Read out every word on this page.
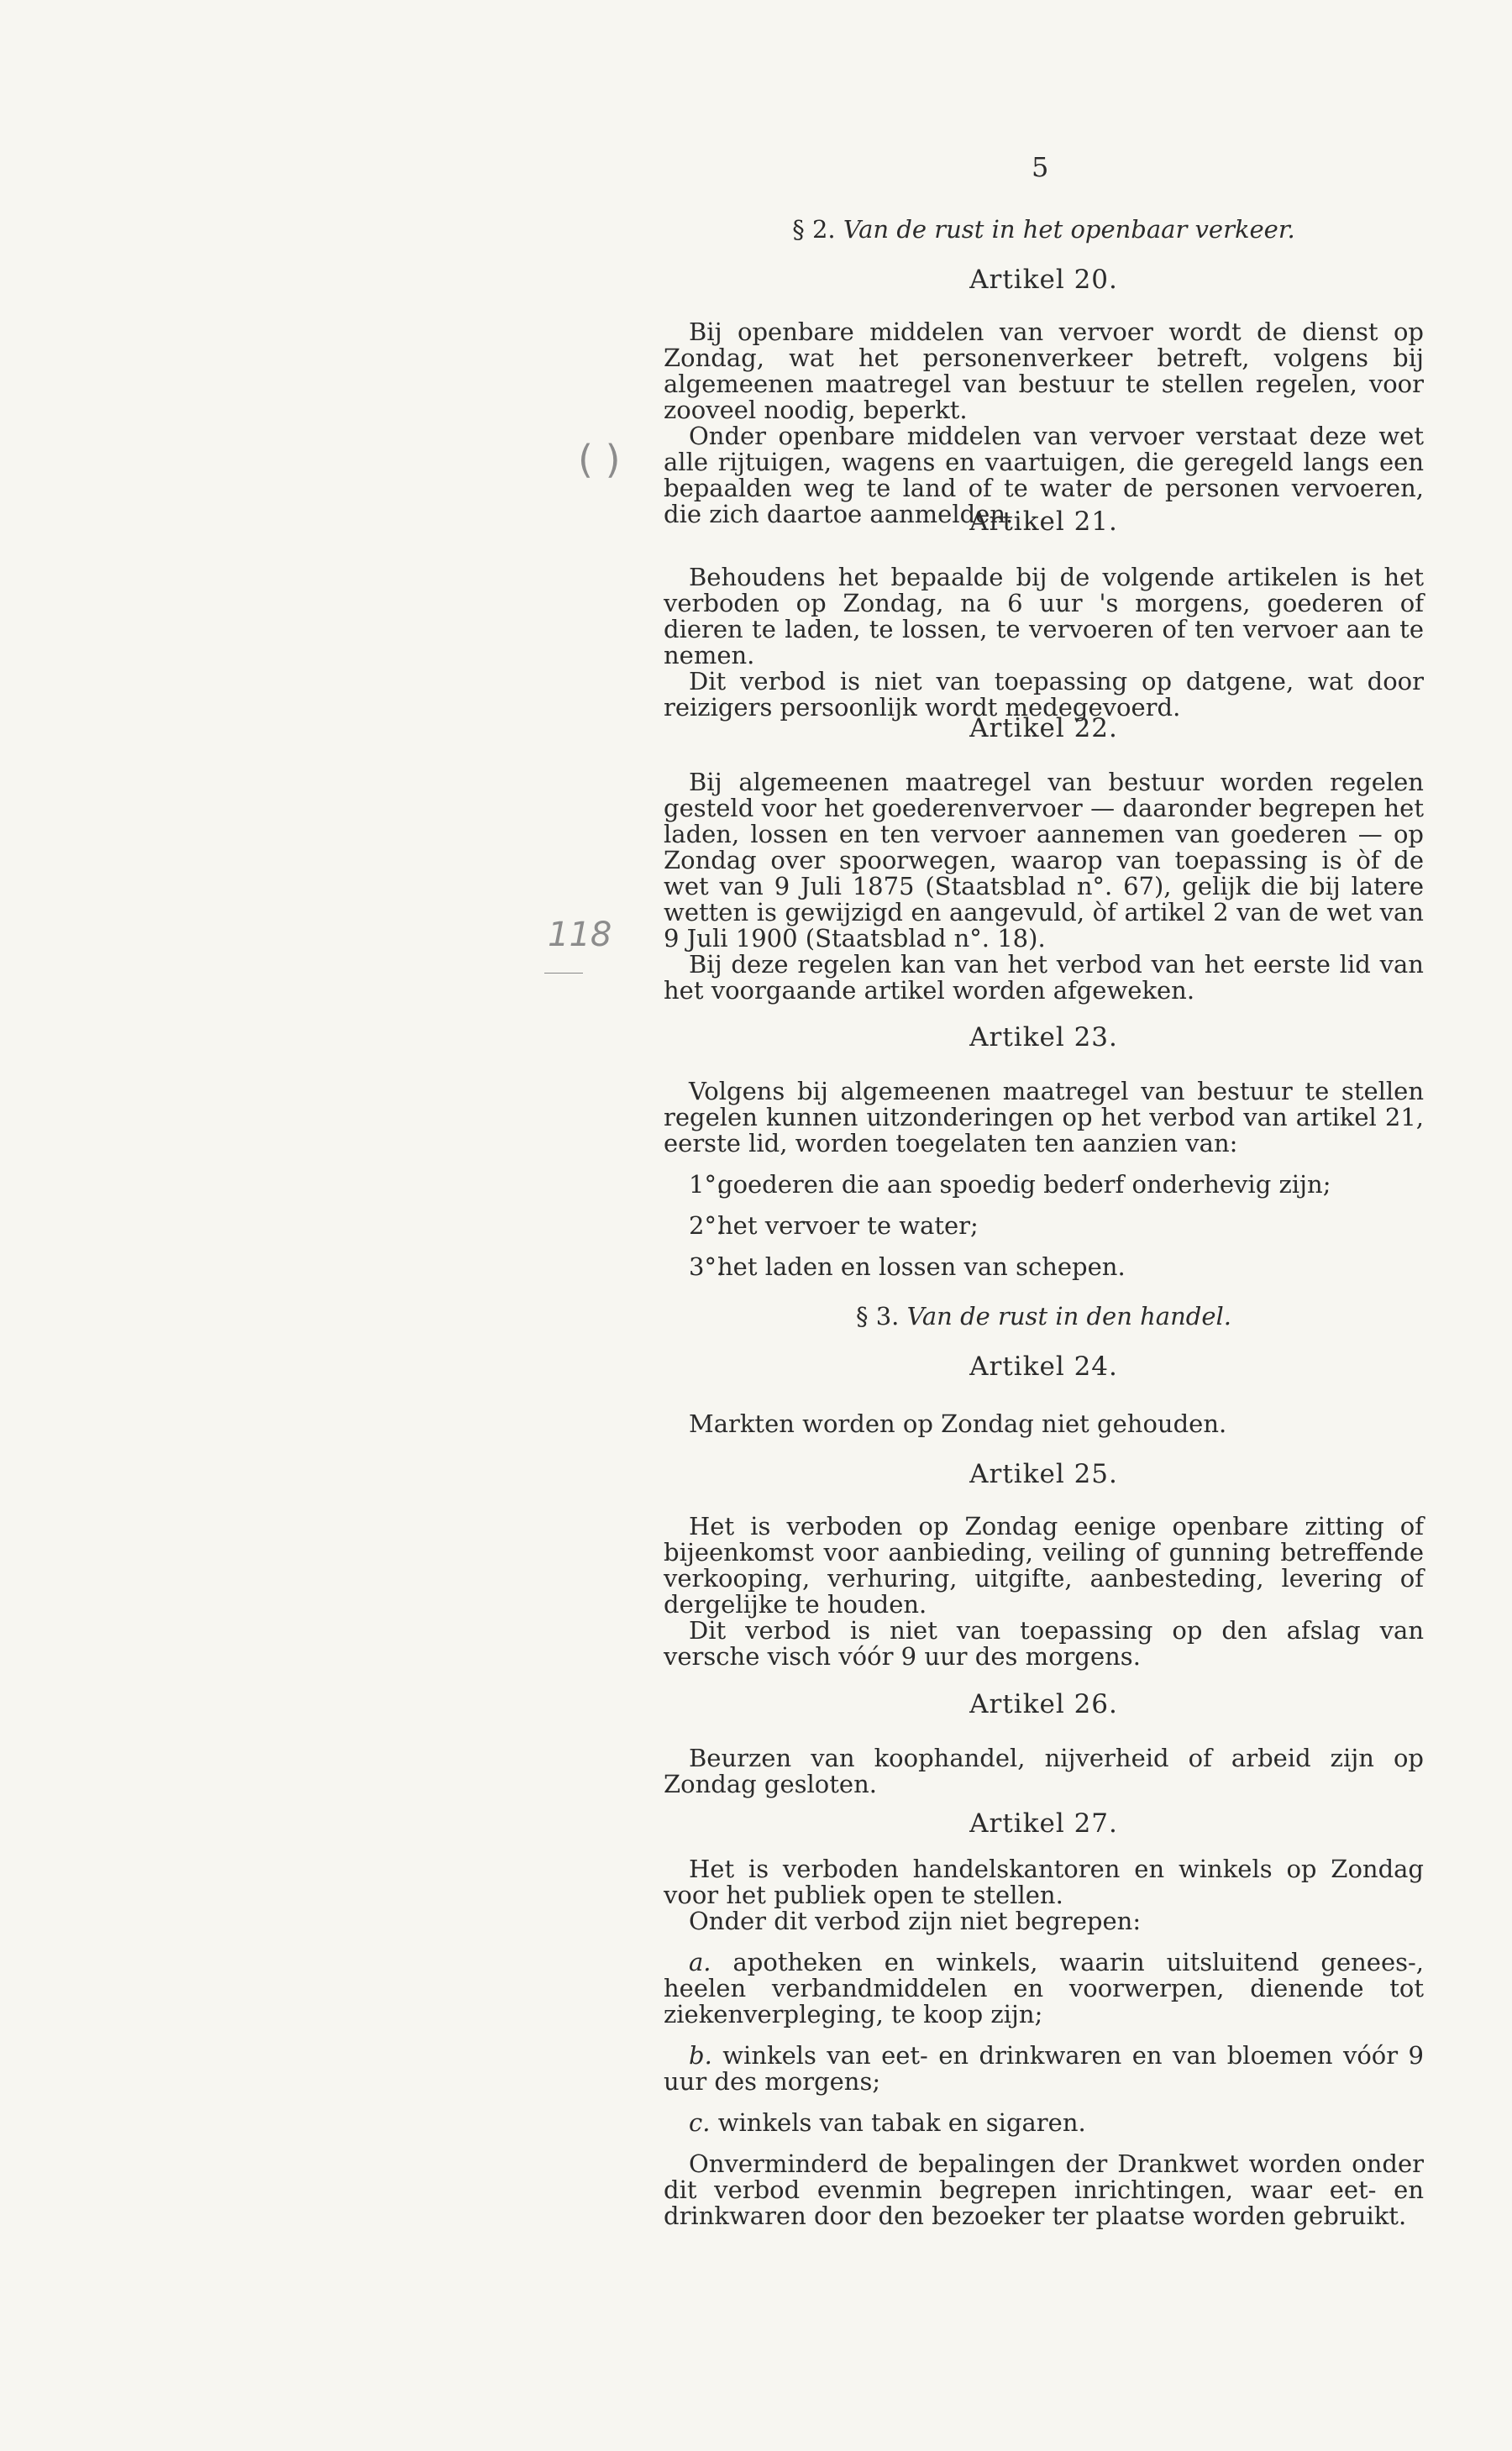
5
( )
118
§ 2. Van de rust in het openbaar verkeer.
Artikel 20.

Bij openbare middelen van vervoer wordt de dienst op Zondag, wat het personenverkeer betreft, volgens bij algemeenen maatregel van bestuur te stellen regelen, voor zooveel noodig, beperkt.

Onder openbare middelen van vervoer verstaat deze wet alle rijtuigen, wagens en vaartuigen, die geregeld langs een bepaalden weg te land of te water de personen vervoeren, die zich daartoe aanmelden.

Artikel 21.

Behoudens het bepaalde bij de volgende artikelen is het verboden op Zondag, na 6 uur 's morgens, goederen of dieren te laden, te lossen, te vervoeren of ten vervoer aan te nemen.

Dit verbod is niet van toepassing op datgene, wat door reizigers persoonlijk wordt medegevoerd.

Artikel 22.

Bij algemeenen maatregel van bestuur worden regelen gesteld voor het goederenvervoer — daaronder begrepen het laden, lossen en ten vervoer aannemen van goederen — op Zondag over spoorwegen, waarop van toepassing is òf de wet van 9 Juli 1875 (Staatsblad n°. 67), gelijk die bij latere wetten is gewijzigd en aangevuld, òf artikel 2 van de wet van 9 Juli 1900 (Staatsblad n°. 18).

Bij deze regelen kan van het verbod van het eerste lid van het voorgaande artikel worden afgeweken.

Artikel 23.

Volgens bij algemeenen maatregel van bestuur te stellen regelen kunnen uitzonderingen op het verbod van artikel 21, eerste lid, worden toegelaten ten aanzien van:

1°.goederen die aan spoedig bederf onderhevig zijn;

2°.het vervoer te water;

3°.het laden en lossen van schepen.

§ 3. Van de rust in den handel.
Artikel 24.

Markten worden op Zondag niet gehouden.

Artikel 25.

Het is verboden op Zondag eenige openbare zitting of bijeenkomst voor aanbieding, veiling of gunning betreffende verkooping, verhuring, uitgifte, aanbesteding, levering of dergelijke te houden.

Dit verbod is niet van toepassing op den afslag van versche visch vóór 9 uur des morgens.

Artikel 26.

Beurzen van koophandel, nijverheid of arbeid zijn op Zondag gesloten.

Artikel 27.

Het is verboden handelskantoren en winkels op Zondag voor het publiek open te stellen.

Onder dit verbod zijn niet begrepen:

a. apotheken en winkels, waarin uitsluitend genees-, heelen verbandmiddelen en voorwerpen, dienende tot ziekenverpleging, te koop zijn;

b. winkels van eet- en drinkwaren en van bloemen vóór 9 uur des morgens;

c. winkels van tabak en sigaren.

Onverminderd de bepalingen der Drankwet worden onder dit verbod evenmin begrepen inrichtingen, waar eet- en drinkwaren door den bezoeker ter plaatse worden gebruikt.
